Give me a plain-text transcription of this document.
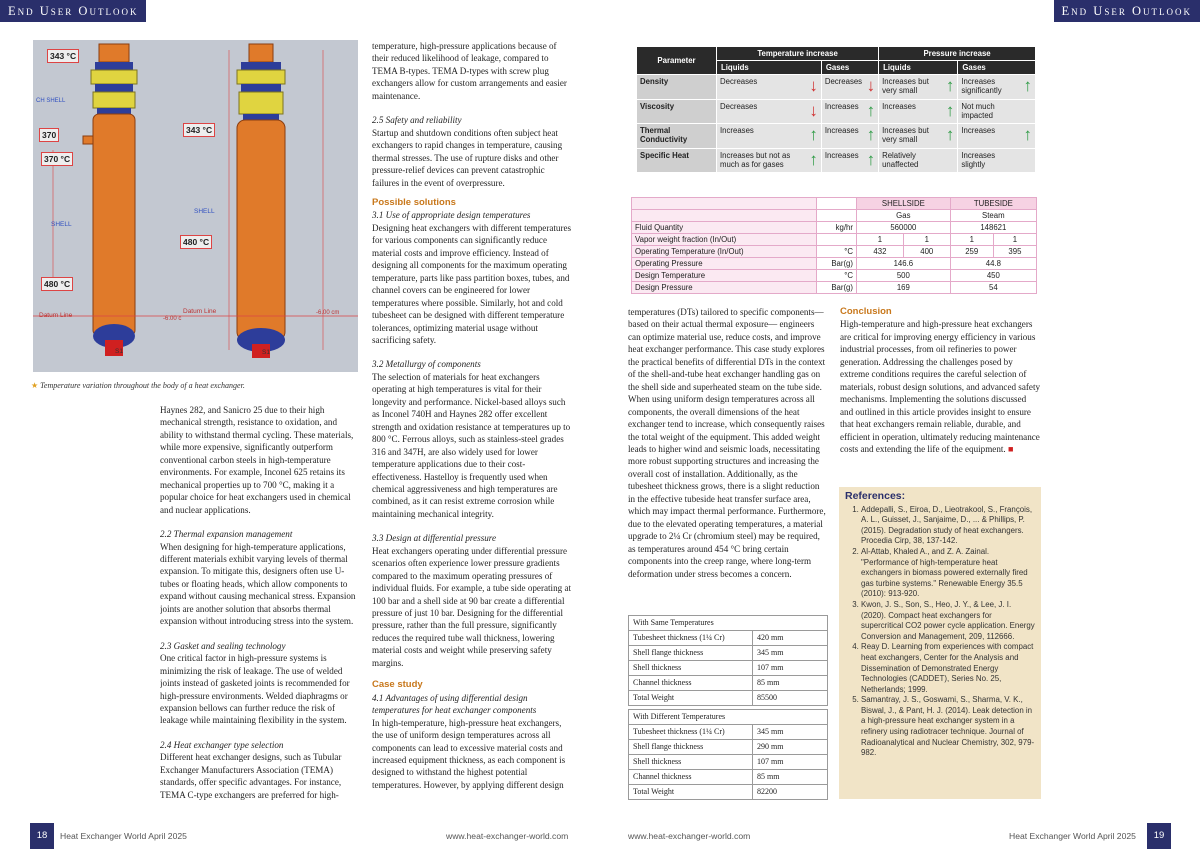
End User Outlook	End User Outlook
343 °C
370
370 °C
343 °C
480 °C
480 °C
Datum Line
Datum Line
SHELL
SHELL
CH SHELL
S1	S1
-6.00 c
-6.00 cm
★ Temperature variation throughout the body of a heat exchanger.

Haynes 282, and Sanicro 25 due to their high mechanical strength, resistance to oxidation, and ability to withstand thermal cycling. These materials, while more expensive, significantly outperform conventional carbon steels in high-temperature environments. For example, Inconel 625 retains its mechanical properties up to 700 °C, making it a popular choice for heat exchangers used in chemical and nuclear applications.

2.2 Thermal expansion management

When designing for high-temperature applications, different materials exhibit varying levels of thermal expansion. To mitigate this, designers often use U-tubes or floating heads, which allow components to expand without causing mechanical stress. Expansion joints are another solution that absorbs thermal expansion without introducing stress into the system.

2.3 Gasket and sealing technology

One critical factor in high-pressure systems is minimizing the risk of leakage. The use of welded joints instead of gasketed joints is recommended for high-pressure environments. Welded diaphragms or expansion bellows can further reduce the risk of leakage while maintaining flexibility in the system.

2.4 Heat exchanger type selection

Different heat exchanger designs, such as Tubular Exchanger Manufacturers Association (TEMA) standards, offer specific advantages. For instance, TEMA C-type exchangers are preferred for high-

temperature, high-pressure applications because of their reduced likelihood of leakage, compared to TEMA B-types. TEMA D-types with screw plug exchangers allow for custom arrangements and easier maintenance.

2.5 Safety and reliability

Startup and shutdown conditions often subject heat exchangers to rapid changes in temperature, causing thermal stresses. The use of rupture disks and other pressure-relief devices can prevent catastrophic failures in the event of overpressure.

Possible solutions

3.1 Use of appropriate design temperatures

Designing heat exchangers with different temperatures for various components can significantly reduce material costs and improve efficiency. Instead of designing all components for the maximum operating temperature, parts like pass partition boxes, tubes, and channel covers can be engineered for lower temperatures where possible. Similarly, hot and cold tubesheet can be designed with different temperature tolerances, optimizing material usage without sacrificing safety.

3.2 Metallurgy of components

The selection of materials for heat exchangers operating at high temperatures is vital for their longevity and performance. Nickel-based alloys such as Inconel 740H and Haynes 282 offer excellent strength and oxidation resistance at temperatures up to 800 °C. Ferrous alloys, such as stainless-steel grades 316 and 347H, are also widely used for lower temperature applications due to their cost-effectiveness. Hastelloy is frequently used when chemical aggressiveness and high temperatures are combined, as it can resist extreme corrosion while maintaining mechanical integrity.

3.3 Design at differential pressure

Heat exchangers operating under differential pressure scenarios often experience lower pressure gradients compared to the maximum operating pressures of individual fluids. For example, a tube side operating at 100 bar and a shell side at 90 bar create a differential pressure of just 10 bar. Designing for the differential pressure, rather than the full pressure, significantly reduces the required tube wall thickness, lowering material costs and weight while preserving safety margins.

Case study

4.1 Advantages of using differential design temperatures for heat exchanger components

In high-temperature, high-pressure heat exchangers, the use of uniform design temperatures across all components can lead to excessive material costs and increased equipment thickness, as each component is designed to withstand the highest potential temperatures. However, by applying different design

Parameter	Temperature increase		Pressure increase	
	Liquids	Gases	Liquids	Gases
Density	Decreases ↓	Decreases ↓	Increases but very small ↑	Increases significantly ↑

Viscosity	Decreases ↓	Increases ↑	Increases ↑	Not much impacted
Thermal Conductivity	Increases ↑	Increases ↑	Increases but very small ↑	Increases ↑

Specific Heat	Increases but not as much as for gases ↑	Increases ↑	Relatively unaffected	Increases slightly
		SHELLSIDE		TUBESIDE	
		Gas		Steam	
Fluid Quantity	kg/hr	560000		148621	
Vapor weight fraction (In/Out)		1	1	1	1
Operating Temperature (In/Out)	°C	432	400	259	395
Operating Pressure	Bar(g)	146.6		44.8	
Design Temperature	°C	500		450	
Design Pressure	Bar(g)	169		54	

temperatures (DTs) tailored to specific components—based on their actual thermal exposure— engineers can optimize material use, reduce costs, and improve heat exchanger performance. This case study explores the practical benefits of differential DTs in the context of the shell-and-tube heat exchanger handling gas on the shell side and superheated steam on the tube side.

When using uniform design temperatures across all components, the overall dimensions of the heat exchanger tend to increase, which consequently raises the total weight of the equipment. This added weight leads to higher wind and seismic loads, necessitating more robust supporting structures and increasing the overall cost of installation. Additionally, as the tubesheet thickness grows, there is a slight reduction in the effective tubeside heat transfer surface area, which may impact thermal performance. Furthermore, due to the elevated operating temperatures, a material upgrade to 2¼ Cr (chromium steel) may be required, as temperatures around 454 °C bring certain components into the creep range, where long-term deformation under stress becomes a concern.

With Same Temperatures	
Tubesheet thickness (1¼ Cr)	420 mm
Shell flange thickness	345 mm
Shell thickness	107 mm
Channel thickness	85 mm
Total Weight	85500
With Different Temperatures	
Tubesheet thickness (1¼ Cr)	345 mm
Shell flange thickness	290 mm
Shell thickness	107 mm
Channel thickness	85 mm
Total Weight	82200

Conclusion

High-temperature and high-pressure heat exchangers are critical for improving energy efficiency in various industrial processes, from oil refineries to power generation. Addressing the challenges posed by extreme conditions requires the careful selection of materials, robust design solutions, and advanced safety mechanisms. Implementing the solutions discussed and outlined in this article provides insight to ensure that heat exchangers remain reliable, durable, and efficient in operation, ultimately reducing maintenance costs and extending the life of the equipment. ■

References:
1. Addepalli, S., Eiroa, D., Lieotrakool, S., François, A. L., Guisset, J., Sanjaime, D., ... & Phillips, P. (2015). Degradation study of heat exchangers. Procedia Cirp, 38, 137-142.
2. Al-Attab, Khaled A., and Z. A. Zainal. "Performance of high-temperature heat exchangers in biomass powered externally fired gas turbine systems." Renewable Energy 35.5 (2010): 913-920.
3. Kwon, J. S., Son, S., Heo, J. Y., & Lee, J. I. (2020). Compact heat exchangers for supercritical CO2 power cycle application. Energy Conversion and Management, 209, 112666.
4. Reay D. Learning from experiences with compact heat exchangers, Center for the Analysis and Dissemination of Demonstrated Energy Technologies (CADDET), Series No. 25, Netherlands; 1999.
5. Samantray, J. S., Goswami, S., Sharma, V. K., Biswal, J., & Pant, H. J. (2014). Leak detection in a high-pressure heat exchanger system in a refinery using radiotracer technique. Journal of Radioanalytical and Nuclear Chemistry, 302, 979-982.
18	Heat Exchanger World April 2025	www.heat-exchanger-world.com	www.heat-exchanger-world.com	Heat Exchanger World April 2025	19
